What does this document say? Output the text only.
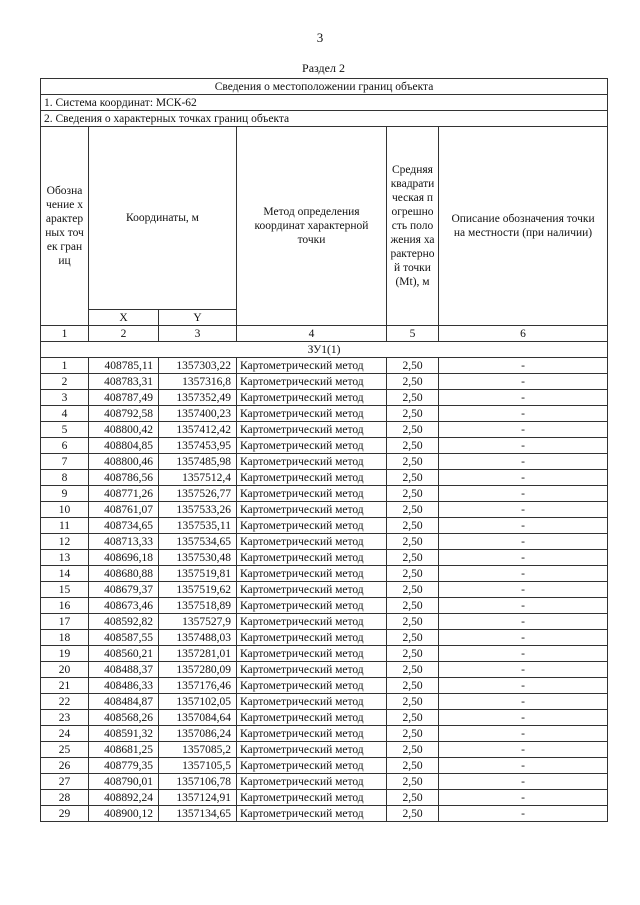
3
Раздел 2
Сведения о местоположении границ объекта					
1. Система координат: МСК-62					
2. Сведения о характерных точках границ объекта					
Обозначение характерных точек границ	Координаты, м		Метод определения координат характерной точки	Средняя квадратическая погрешность положения характерной точки (Mt), м	Описание обозначения точки на местности (при наличии)
	X	Y			
1	2	3	4	5	6
ЗУ1(1)					
1	408785,11	1357303,22	Картометрический метод	2,50	-
2	408783,31	1357316,8	Картометрический метод	2,50	-
3	408787,49	1357352,49	Картометрический метод	2,50	-
4	408792,58	1357400,23	Картометрический метод	2,50	-
5	408800,42	1357412,42	Картометрический метод	2,50	-
6	408804,85	1357453,95	Картометрический метод	2,50	-
7	408800,46	1357485,98	Картометрический метод	2,50	-
8	408786,56	1357512,4	Картометрический метод	2,50	-
9	408771,26	1357526,77	Картометрический метод	2,50	-
10	408761,07	1357533,26	Картометрический метод	2,50	-
11	408734,65	1357535,11	Картометрический метод	2,50	-
12	408713,33	1357534,65	Картометрический метод	2,50	-
13	408696,18	1357530,48	Картометрический метод	2,50	-
14	408680,88	1357519,81	Картометрический метод	2,50	-
15	408679,37	1357519,62	Картометрический метод	2,50	-
16	408673,46	1357518,89	Картометрический метод	2,50	-
17	408592,82	1357527,9	Картометрический метод	2,50	-
18	408587,55	1357488,03	Картометрический метод	2,50	-
19	408560,21	1357281,01	Картометрический метод	2,50	-
20	408488,37	1357280,09	Картометрический метод	2,50	-
21	408486,33	1357176,46	Картометрический метод	2,50	-
22	408484,87	1357102,05	Картометрический метод	2,50	-
23	408568,26	1357084,64	Картометрический метод	2,50	-
24	408591,32	1357086,24	Картометрический метод	2,50	-
25	408681,25	1357085,2	Картометрический метод	2,50	-
26	408779,35	1357105,5	Картометрический метод	2,50	-
27	408790,01	1357106,78	Картометрический метод	2,50	-
28	408892,24	1357124,91	Картометрический метод	2,50	-
29	408900,12	1357134,65	Картометрический метод	2,50	-
